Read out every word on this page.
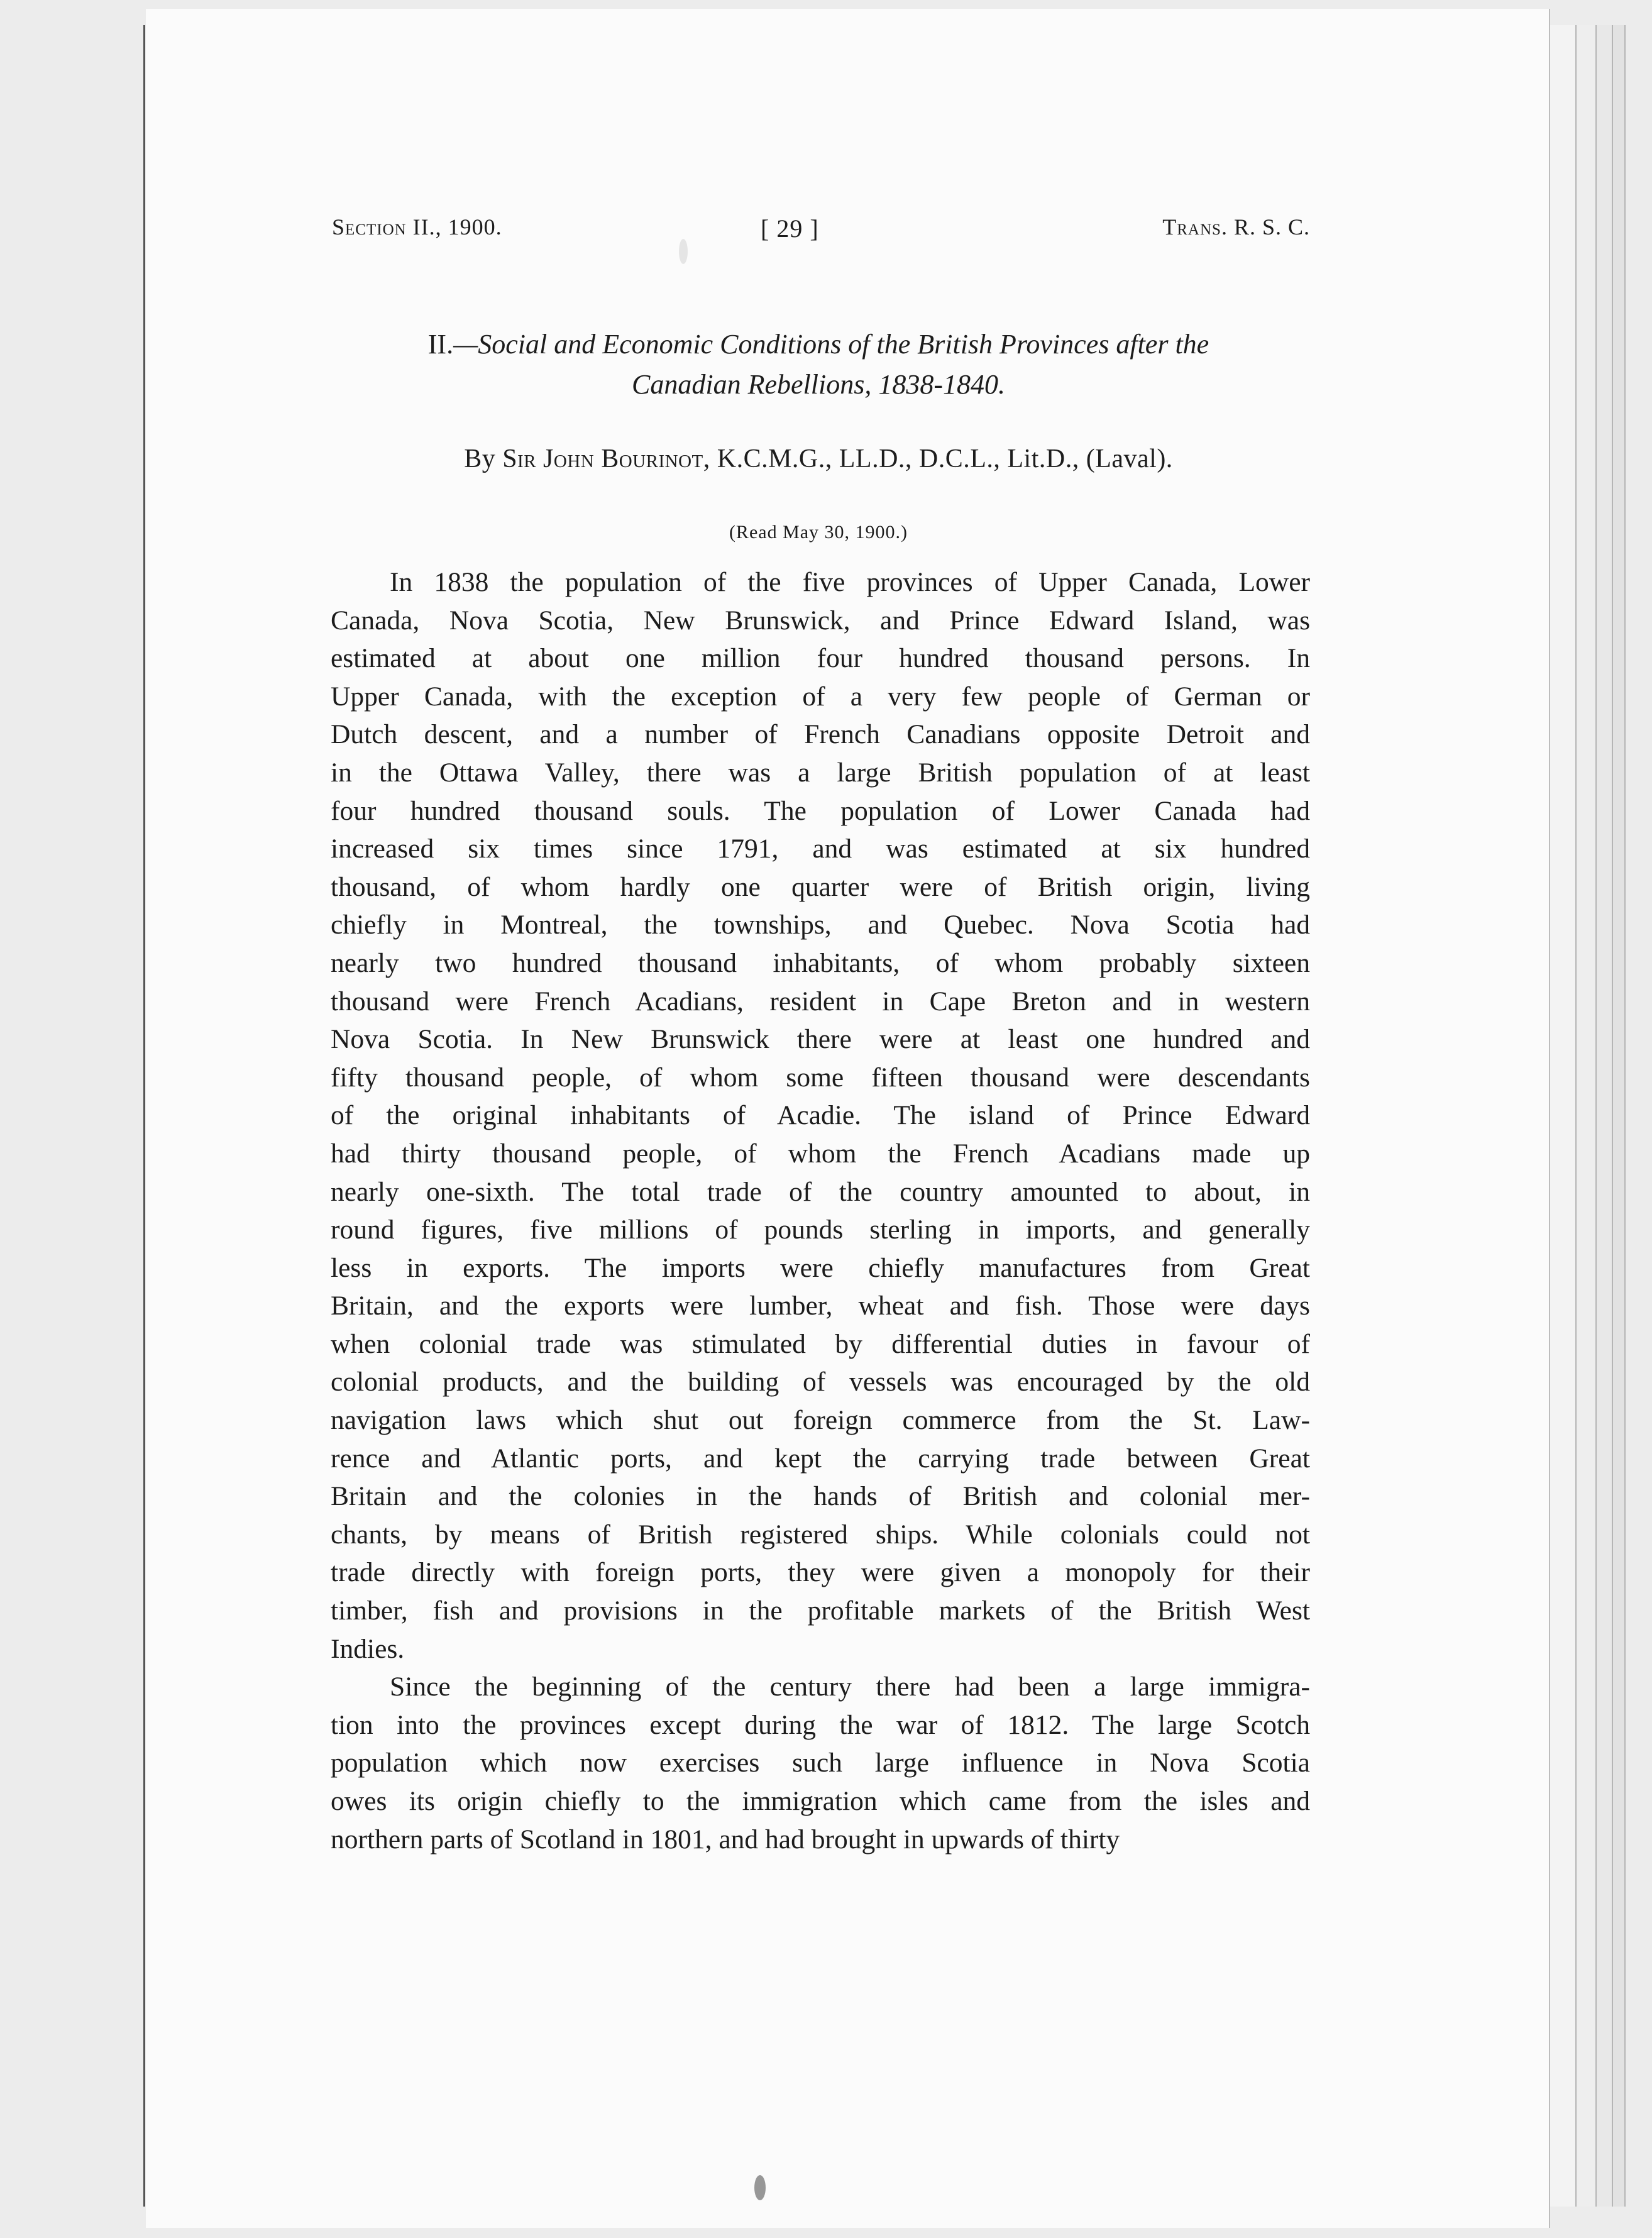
Section II., 1900.	[ 29 ]	Trans. R. S. C.
II.—Social and Economic Conditions of the British Provinces after the
Canadian Rebellions, 1838-1840.
By Sir John Bourinot, K.C.M.G., LL.D., D.C.L., Lit.D., (Laval).
(Read May 30, 1900.)
In 1838 the population of the five provinces of Upper Canada, Lower
Canada, Nova Scotia, New Brunswick, and Prince Edward Island, was
estimated at about one million four hundred thousand persons. In
Upper Canada, with the exception of a very few people of German or
Dutch descent, and a number of French Canadians opposite Detroit and
in the Ottawa Valley, there was a large British population of at least
four hundred thousand souls. The population of Lower Canada had
increased six times since 1791, and was estimated at six hundred
thousand, of whom hardly one quarter were of British origin, living
chiefly in Montreal, the townships, and Quebec. Nova Scotia had
nearly two hundred thousand inhabitants, of whom probably sixteen
thousand were French Acadians, resident in Cape Breton and in western
Nova Scotia. In New Brunswick there were at least one hundred and
fifty thousand people, of whom some fifteen thousand were descendants
of the original inhabitants of Acadie. The island of Prince Edward
had thirty thousand people, of whom the French Acadians made up
nearly one-sixth. The total trade of the country amounted to about, in
round figures, five millions of pounds sterling in imports, and generally
less in exports. The imports were chiefly manufactures from Great
Britain, and the exports were lumber, wheat and fish. Those were days
when colonial trade was stimulated by differential duties in favour of
colonial products, and the building of vessels was encouraged by the old
navigation laws which shut out foreign commerce from the St. Law-
rence and Atlantic ports, and kept the carrying trade between Great
Britain and the colonies in the hands of British and colonial mer-
chants, by means of British registered ships. While colonials could not
trade directly with foreign ports, they were given a monopoly for their
timber, fish and provisions in the profitable markets of the British West
Indies.
Since the beginning of the century there had been a large immigra-
tion into the provinces except during the war of 1812. The large Scotch
population which now exercises such large influence in Nova Scotia
owes its origin chiefly to the immigration which came from the isles and
northern parts of Scotland in 1801, and had brought in upwards of thirty
